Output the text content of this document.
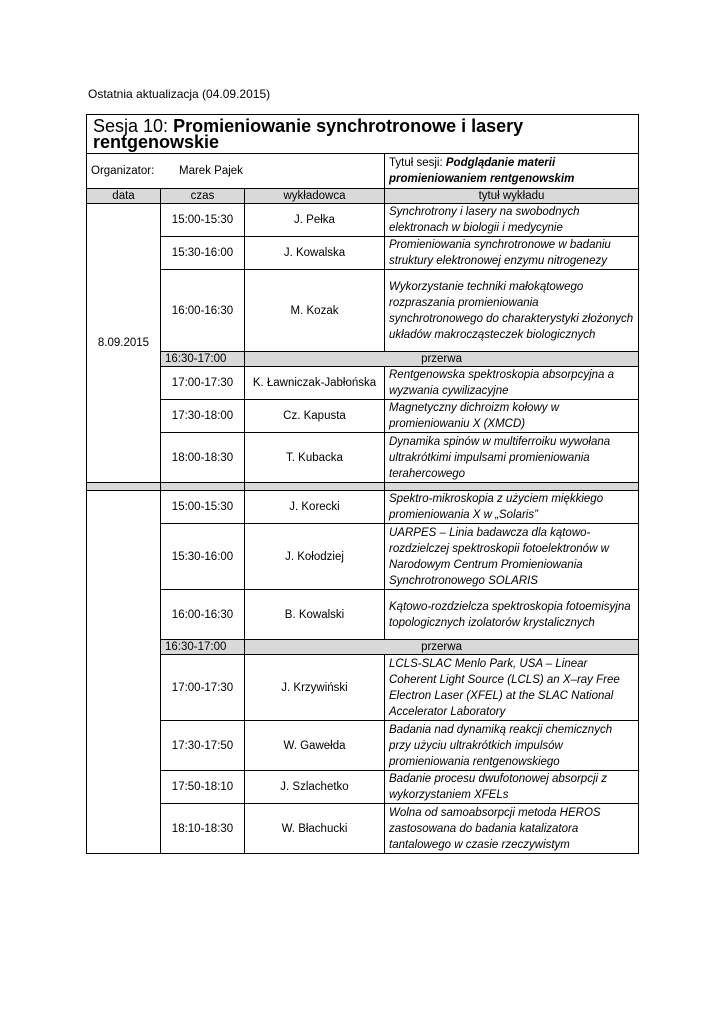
Ostatnia aktualizacja (04.09.2015)
Sesja 10: Promieniowanie synchrotronowe i lasery rentgenowskie			
Organizator: Marek Pajek			Tytuł sesji: Podglądanie materii promieniowaniem rentgenowskim
data	czas	wykładowca	tytuł wykładu
8.09.2015	15:00-15:30	J. Pełka	Synchrotrony i lasery na swobodnych elektronach w biologii i medycynie
	15:30-16:00	J. Kowalska	Promieniowania synchrotronowe w badaniu struktury elektronowej enzymu nitrogenezy
	16:00-16:30	M. Kozak	Wykorzystanie techniki małokątowego rozpraszania promieniowania synchrotronowego do charakterystyki złożonych układów makrocząsteczek biologicznych
	16:30-17:00	przerwa	
	17:00-17:30	K. Ławniczak-Jabłońska	Rentgenowska spektroskopia absorpcyjna a wyzwania cywilizacyjne
	17:30-18:00	Cz. Kapusta	Magnetyczny dichroizm kołowy w promieniowaniu X (XMCD)
	18:00-18:30	T. Kubacka	Dynamika spinów w multiferroiku wywołana ultrakrótkimi impulsami promieniowania terahercowego

	15:00-15:30	J. Korecki	Spektro-mikroskopia z użyciem miękkiego promieniowania X w „Solaris”
	15:30-16:00	J. Kołodziej	UARPES – Linia badawcza dla kątowo-rozdzielczej spektroskopii fotoelektronów w Narodowym Centrum Promieniowania Synchrotronowego SOLARIS
	16:00-16:30	B. Kowalski	Kątowo-rozdzielcza spektroskopia fotoemisyjna topologicznych izolatorów krystalicznych
	16:30-17:00	przerwa	
	17:00-17:30	J. Krzywiński	LCLS-SLAC Menlo Park, USA – Linear Coherent Light Source (LCLS) an X–ray Free Electron Laser (XFEL) at the SLAC National Accelerator Laboratory
	17:30-17:50	W. Gawełda	Badania nad dynamiką reakcji chemicznych przy użyciu ultrakrótkich impulsów promieniowania rentgenowskiego
	17:50-18:10	J. Szlachetko	Badanie procesu dwufotonowej absorpcji z wykorzystaniem XFELs
	18:10-18:30	W. Błachucki	Wolna od samoabsorpcji metoda HEROS zastosowana do badania katalizatora tantalowego w czasie rzeczywistym
